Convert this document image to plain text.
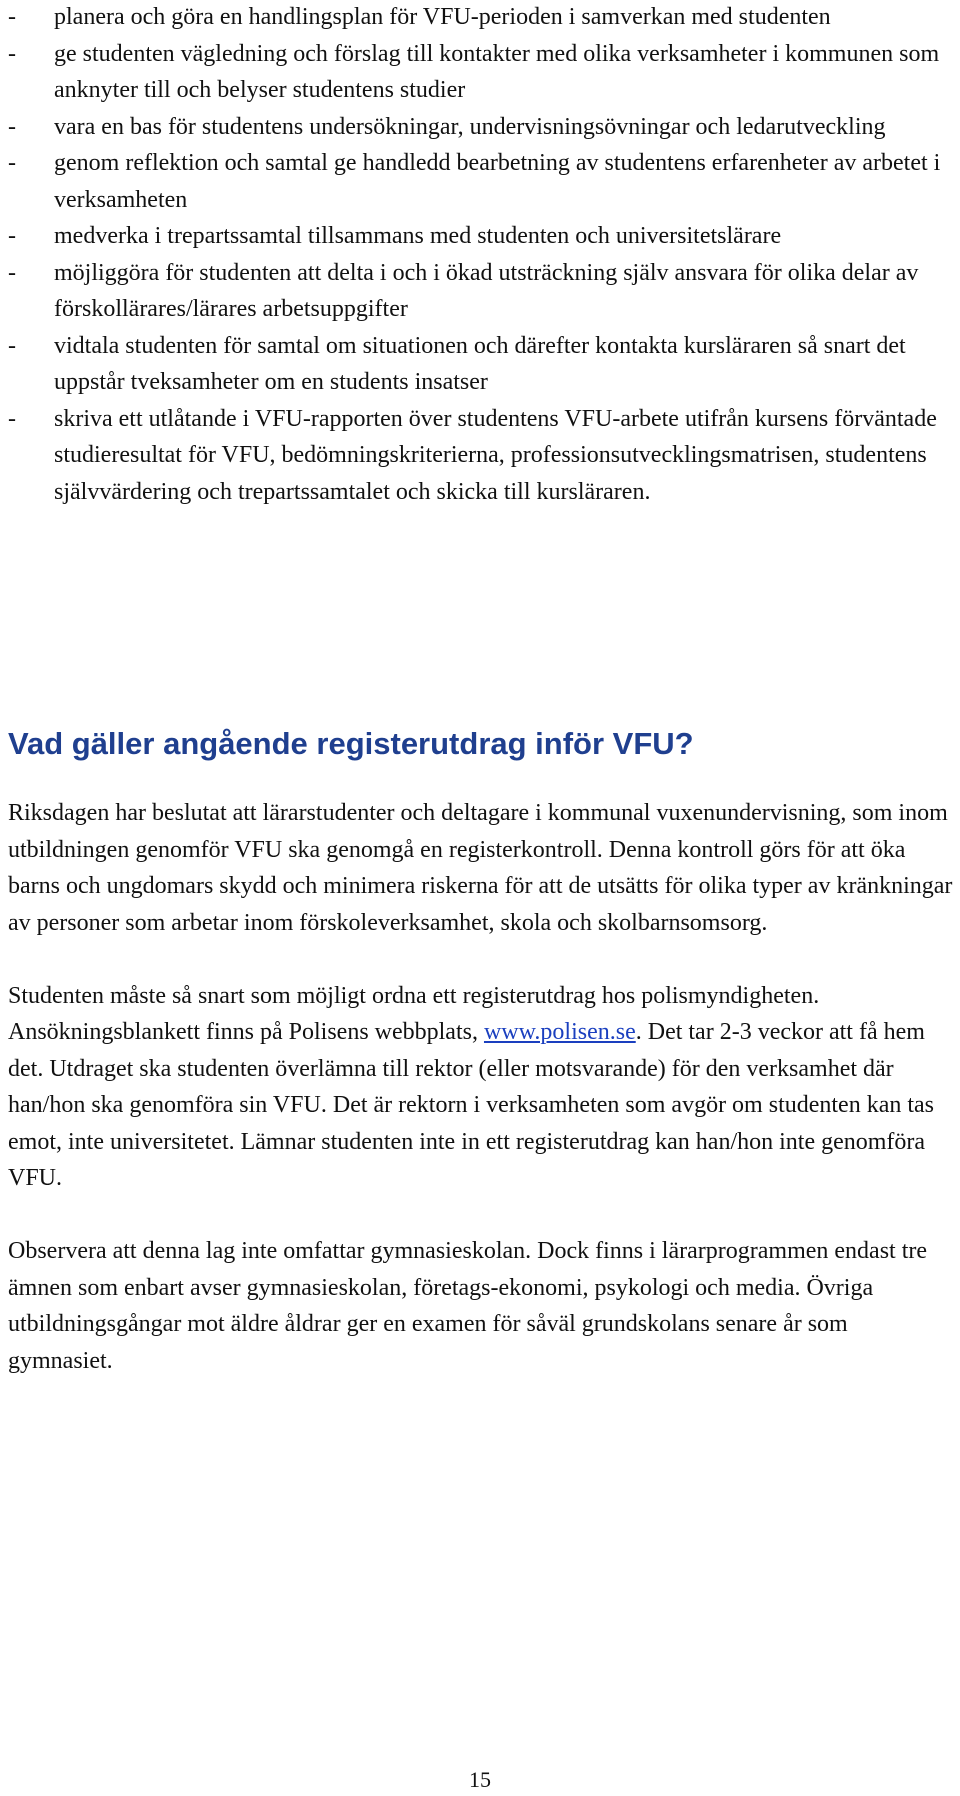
- planera och göra en handlingsplan för VFU-perioden i samverkan med studenten
- ge studenten vägledning och förslag till kontakter med olika verksamheter i kommunen som anknyter till och belyser studentens studier
- vara en bas för studentens undersökningar, undervisningsövningar och ledarutveckling
- genom reflektion och samtal ge handledd bearbetning av studentens erfarenheter av arbetet i verksamheten
- medverka i trepartssamtal tillsammans med studenten och universitetslärare
- möjliggöra för studenten att delta i och i ökad utsträckning själv ansvara för olika delar av förskollärares/lärares arbetsuppgifter
- vidtala studenten för samtal om situationen och därefter kontakta kursläraren så snart det uppstår tveksamheter om en students insatser
- skriva ett utlåtande i VFU-rapporten över studentens VFU-arbete utifrån kursens förväntade studieresultat för VFU, bedömningskriterierna, professionsutvecklingsmatrisen, studentens självvärdering och trepartssamtalet och skicka till kursläraren.
Vad gäller angående registerutdrag inför VFU?

Riksdagen har beslutat att lärarstudenter och deltagare i kommunal vuxenundervisning, som inom utbildningen genomför VFU ska genomgå en registerkontroll. Denna kontroll görs för att öka barns och ungdomars skydd och minimera riskerna för att de utsätts för olika typer av kränkningar av personer som arbetar inom förskoleverksamhet, skola och skolbarnsomsorg.

Studenten måste så snart som möjligt ordna ett registerutdrag hos polismyndigheten. Ansökningsblankett finns på Polisens webbplats, www.polisen.se. Det tar 2-3 veckor att få hem det. Utdraget ska studenten överlämna till rektor (eller motsvarande) för den verksamhet där han/hon ska genomföra sin VFU. Det är rektorn i verksamheten som avgör om studenten kan tas emot, inte universitetet. Lämnar studenten inte in ett registerutdrag kan han/hon inte genomföra VFU.

Observera att denna lag inte omfattar gymnasieskolan. Dock finns i lärarprogrammen endast tre ämnen som enbart avser gymnasieskolan, företags-ekonomi, psykologi och media. Övriga utbildningsgångar mot äldre åldrar ger en examen för såväl grundskolans senare år som gymnasiet.

15
